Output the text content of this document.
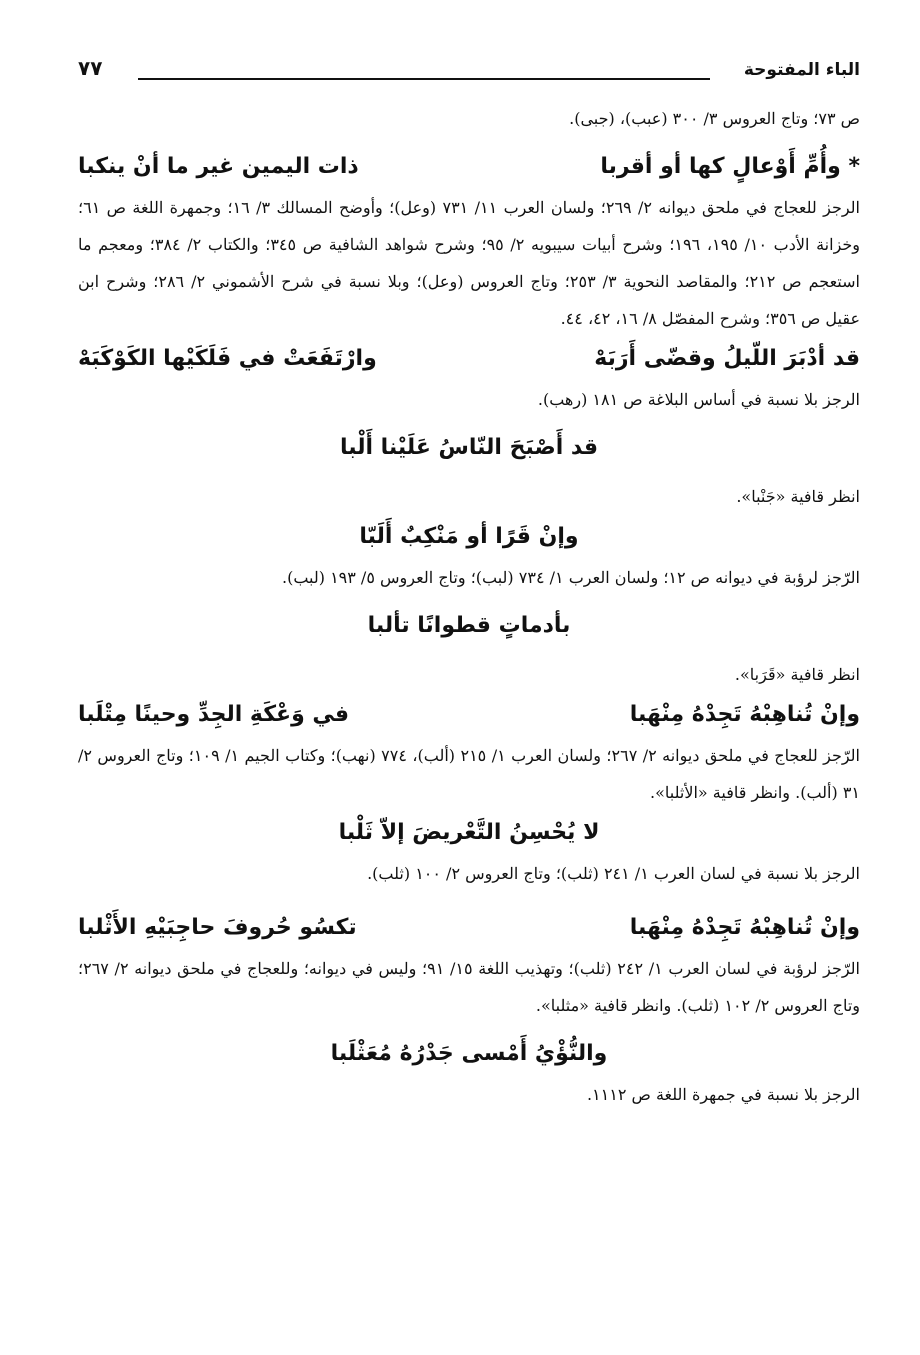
الباء المفتوحة
٧٧

ص ٧٣؛ وتاج العروس ٣/ ٣٠٠ (عبب)، (جبى).

* وأُمِّ أَوْعالٍ كها أو أقربا
ذات اليمين غير ما أنْ ينكبا

الرجز للعجاج في ملحق ديوانه ٢/ ٢٦٩؛ ولسان العرب ١١/ ٧٣١ (وعل)؛ وأوضح المسالك ٣/ ١٦؛ وجمهرة اللغة ص ٦١؛ وخزانة الأدب ١٠/ ١٩٥، ١٩٦؛ وشرح أبيات سيبويه ٢/ ٩٥؛ وشرح شواهد الشافية ص ٣٤٥؛ والكتاب ٢/ ٣٨٤؛ ومعجم ما استعجم ص ٢١٢؛ والمقاصد النحوية ٣/ ٢٥٣؛ وتاج العروس (وعل)؛ وبلا نسبة في شرح الأشموني ٢/ ٢٨٦؛ وشرح ابن عقيل ص ٣٥٦؛ وشرح المفصّل ٨/ ١٦، ٤٢، ٤٤.

قد أدْبَرَ اللّيلُ وقضّى أَرَبَهْ
وارْتَفَعَتْ في فَلَكَيْها الكَوْكَبَهْ

الرجز بلا نسبة في أساس البلاغة ص ١٨١ (رهب).

قد أَصْبَحَ النّاسُ عَلَيْنا أَلْبا

انظر قافية «جَنْبا».

وإنْ قَرًا أو مَنْكِبٌ أَلَبّا

الرّجز لرؤبة في ديوانه ص ١٢؛ ولسان العرب ١/ ٧٣٤ (لبب)؛ وتاج العروس ٥/ ١٩٣ (لبب).

بأدماتٍ قطوانًا تألبا

انظر قافية «قَرَبا».

وإنْ تُناهِبْهُ تَجِدْهُ مِنْهَبا
في وَعْكَةِ الجِدِّ وحينًا مِتْلَبا

الرّجز للعجاج في ملحق ديوانه ٢/ ٢٦٧؛ ولسان العرب ١/ ٢١٥ (ألب)، ٧٧٤ (نهب)؛ وكتاب الجيم ١/ ١٠٩؛ وتاج العروس ٢/ ٣١ (ألب). وانظر قافية «الأثلبا».

لا يُحْسِنُ التَّعْريضَ إلاّ ثَلْبا

الرجز بلا نسبة في لسان العرب ١/ ٢٤١ (ثلب)؛ وتاج العروس ٢/ ١٠٠ (ثلب).

وإنْ تُناهِبْهُ تَجِدْهُ مِنْهَبا
تكسُو حُروفَ حاجِبَيْهِ الأَثْلبا

الرّجز لرؤبة في لسان العرب ١/ ٢٤٢ (ثلب)؛ وتهذيب اللغة ١٥/ ٩١؛ وليس في ديوانه؛ وللعجاج في ملحق ديوانه ٢/ ٢٦٧؛ وتاج العروس ٢/ ١٠٢ (ثلب). وانظر قافية «مثلبا».

والنُّؤْيُ أَمْسى جَدْرُهُ مُعَثْلَبا

الرجز بلا نسبة في جمهرة اللغة ص ١١١٢.
